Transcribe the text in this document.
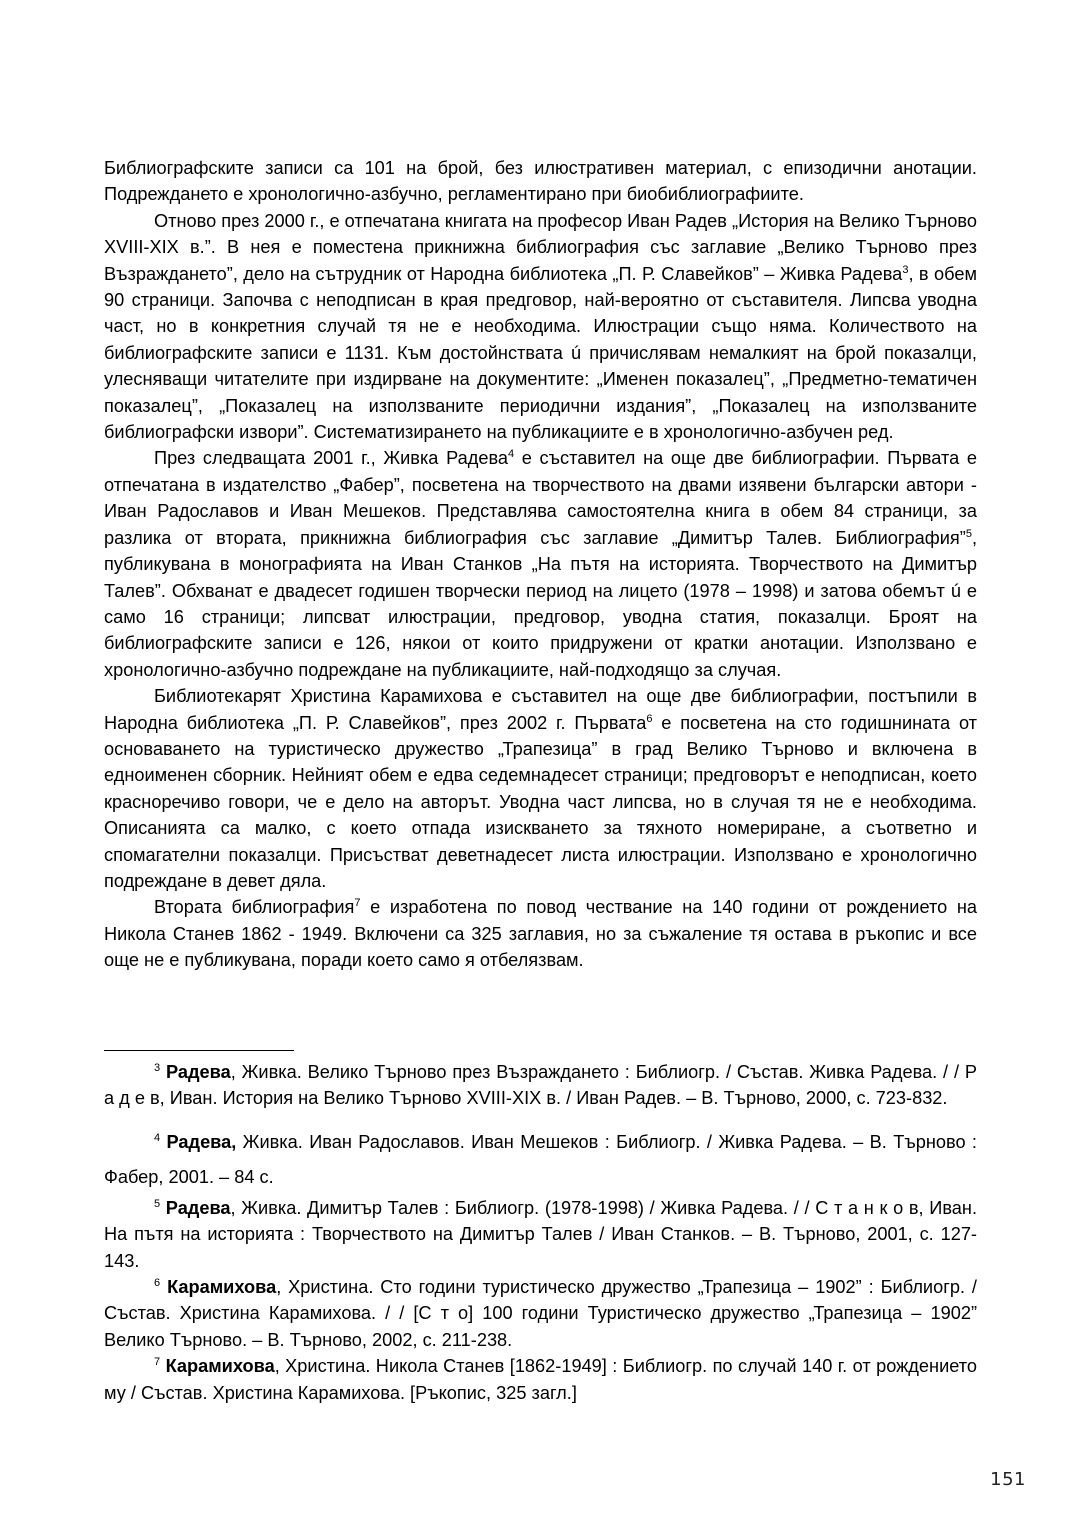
Библиографските записи са 101 на брой, без илюстративен материал, с епизодични анотации. Подреждането е хронологично-азбучно, регламентирано при биобиблиографиите.

Отново през 2000 г., е отпечатана книгата на професор Иван Радев „История на Велико Търново XVIII-XIX в.”. В нея е поместена прикнижна библиография със заглавие „Велико Търново през Възраждането”, дело на сътрудник от Народна библиотека „П. Р. Славейков” – Живка Радева$^3$, в обем 90 страници. Започва с неподписан в края предговор, най-вероятно от съставителя. Липсва уводна част, но в конкретния случай тя не е необходима. Илюстрации също няма. Количеството на библиографските записи е 1131. Към достойнствата ú причислявам немалкият на брой показалци, улесняващи читателите при издирване на документите: „Именен показалец”, „Предметно-тематичен показалец”, „Показалец на използваните периодични издания”, „Показалец на използваните библиографски извори”. Систематизирането на публикациите е в хронологично-азбучен ред.

През следващата 2001 г., Живка Радева$^4$ е съставител на още две библиографии. Първата е отпечатана в издателство „Фабер”, посветена на творчеството на двами изявени български автори - Иван Радославов и Иван Мешеков. Представлява самостоятелна книга в обем 84 страници, за разлика от втората, прикнижна библиография със заглавие „Димитър Талев. Библиография”$^5$, публикувана в монографията на Иван Станков „На пътя на историята. Творчеството на Димитър Талев”. Обхванат е двадесет годишен творчески период на лицето (1978 – 1998) и затова обемът ú е само 16 страници; липсват илюстрации, предговор, уводна статия, показалци. Броят на библиографските записи е 126, някои от които придружени от кратки анотации. Използвано е хронологично-азбучно подреждане на публикациите, най-подходящо за случая.

Библиотекарят Христина Карамихова е съставител на още две библиографии, постъпили в Народна библиотека „П. Р. Славейков”, през 2002 г. Първата$^6$ е посветена на сто годишнината от основаването на туристическо дружество „Трапезица” в град Велико Търново и включена в едноименен сборник. Нейният обем е едва седемнадесет страници; предговорът е неподписан, което красноречиво говори, че е дело на авторът. Уводна част липсва, но в случая тя не е необходима. Описанията са малко, с което отпада изискването за тяхното номериране, а съответно и спомагателни показалци. Присъстват деветнадесет листа илюстрации. Използвано е хронологично подреждане в девет дяла.

Втората библиография$^7$ е изработена по повод чествание на 140 години от рождението на Никола Станев 1862 - 1949. Включени са 325 заглавия, но за съжаление тя остава в ръкопис и все още не е публикувана, поради което само я отбелязвам.

$^3$ Радева, Живка. Велико Търново през Възраждането : Библиогр. / Състав. Живка Радева. / / Р а д е в, Иван. История на Велико Търново XVIII-XIX в. / Иван Радев. – В. Търново, 2000, с. 723-832.

$^4$ Радева, Живка. Иван Радославов. Иван Мешеков : Библиогр. / Живка Радева. – В. Търново : Фабер, 2001. – 84 с.

$^5$ Радева, Живка. Димитър Талев : Библиогр. (1978-1998) / Живка Радева. / / С т а н к о в, Иван. На пътя на историята : Творчеството на Димитър Талев / Иван Станков. – В. Търново, 2001, с. 127-143.

$^6$ Карамихова, Христина. Сто години туристическо дружество „Трапезица – 1902” : Библиогр. / Състав. Христина Карамихова. / / [С т о] 100 години Туристическо дружество „Трапезица – 1902” Велико Търново. – В. Търново, 2002, с. 211-238.

$^7$ Карамихова, Христина. Никола Станев [1862-1949] : Библиогр. по случай 140 г. от рождението му / Състав. Христина Карамихова. [Ръкопис, 325 загл.]

151
